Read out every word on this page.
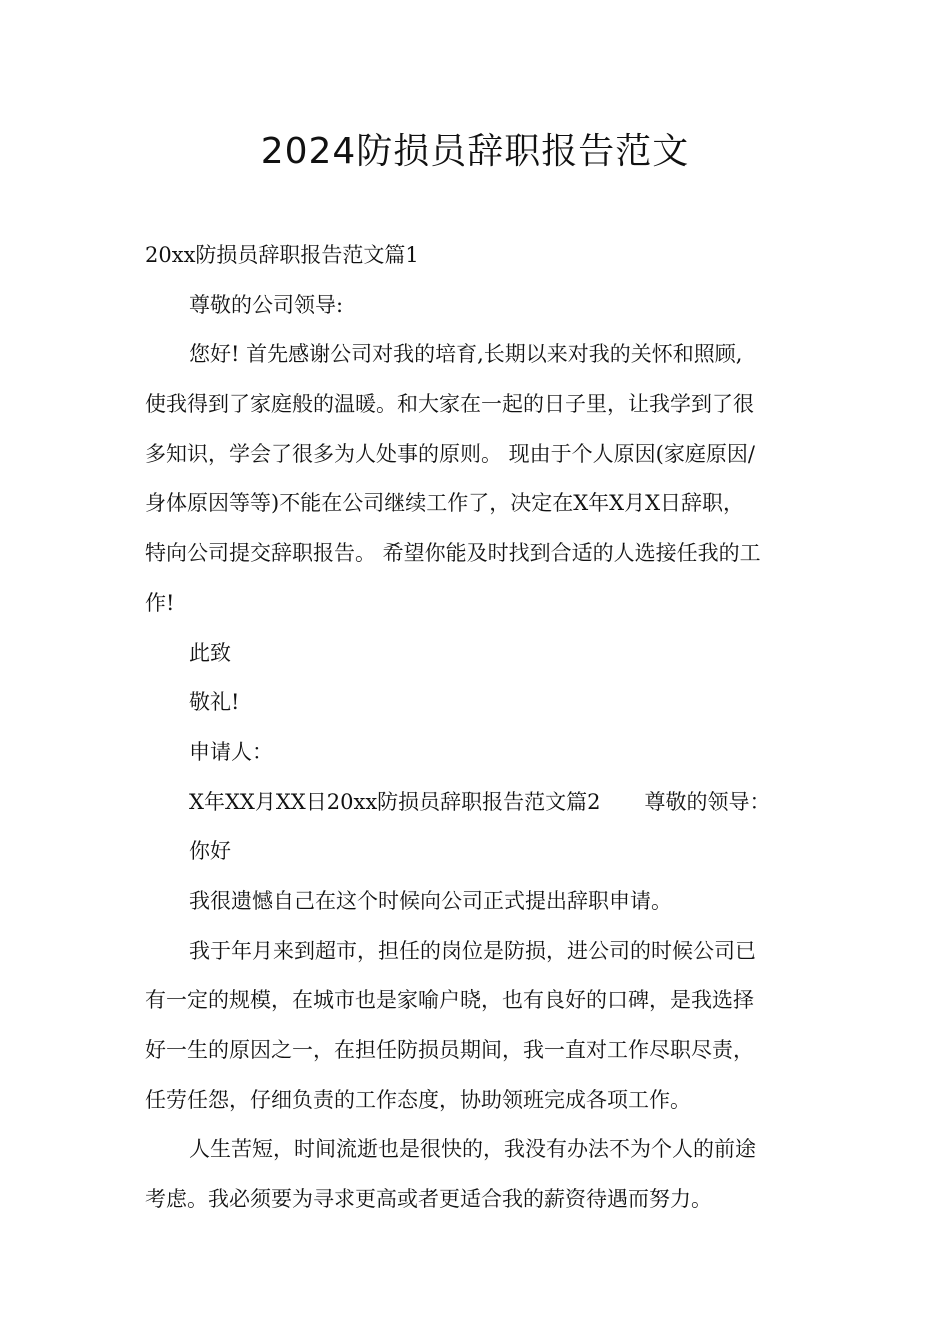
2024防损员辞职报告范文
20xx防损员辞职报告范文篇1
尊敬的公司领导:
您好! 首先感谢公司对我的培育,长期以来对我的关怀和照顾,
使我得到了家庭般的温暖。和大家在一起的日子里，让我学到了很
多知识，学会了很多为人处事的原则。 现由于个人原因(家庭原因/
身体原因等等)不能在公司继续工作了，决定在X年X月X日辞职，
特向公司提交辞职报告。 希望你能及时找到合适的人选接任我的工
作!
此致
敬礼!
申请人：
X年XX月XX日20xx防损员辞职报告范文篇2 尊敬的领导：
你好
我很遗憾自己在这个时候向公司正式提出辞职申请。
我于年月来到超市，担任的岗位是防损，进公司的时候公司已
有一定的规模，在城市也是家喻户晓，也有良好的口碑，是我选择
好一生的原因之一，在担任防损员期间，我一直对工作尽职尽责，
任劳任怨，仔细负责的工作态度，协助领班完成各项工作。
人生苦短，时间流逝也是很快的，我没有办法不为个人的前途
考虑。我必须要为寻求更高或者更适合我的薪资待遇而努力。
